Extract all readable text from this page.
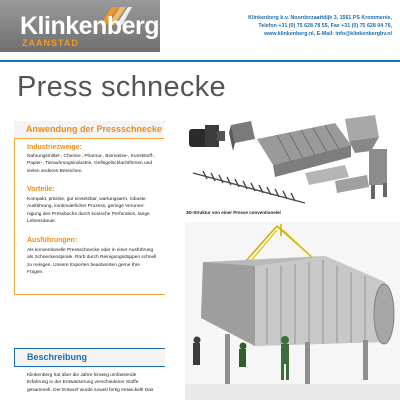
Klinkenberg
ZAANSTAD
Klinkenberg b.v. Noorderzaattdijk 3, 1561 PS Krommenie,
Telefon +31 (0) 75 628 78 55, Fax +31 (0) 75 628 04 76,
www.klinkenberg.nl, E-Mail: info@klinkenbergbv.nl
Press schnecke
Anwendung der Pressschnecke
Industriezweige:
Nahrungsmittel-, Chemie-, Pharma-, Biomasse-, Kunststoff-,
Papier-, Tierauhrungsindustrie, Geflügelschlachtfirmen und
vielen anderen Bereichen.
Vorteile:
Kompakt, präzise, gut einsetzbar, wartungsarm, robuste
Ausführung, kontinuierlicher Prozess, geringe Verunrei-
nigung des Pressbuchs durch konische Perforation, lange
Lebensdauer.
Ausführungen:
Als konventionelle Pressschnecke oder in einer Ausführung
als Schneckenspirale. Rorb durch Reinigungsdüppen schnell
zu reinigen. Unsere Experten beantworten gerne Ihre
Fragen.
Beschreibung
Klinkenberg hat über die Jahre hinweg umfassende
Erfahrung in der Entwässerung verschiedener Stoffe
gesammelt. Der Entwurf wurde soweit fertig entwickelt! Das
3D-Struktur von einer Presse conventionelel
